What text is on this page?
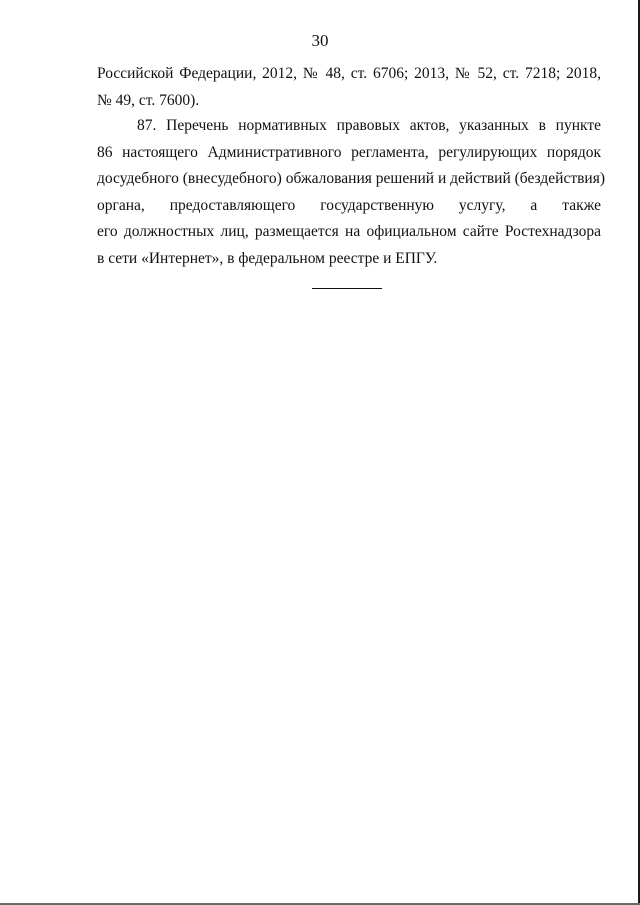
30
Российской Федерации, 2012, № 48, ст. 6706; 2013, № 52, ст. 7218; 2018,
№ 49, ст. 7600).
87. Перечень нормативных правовых актов, указанных в пункте
86 настоящего Административного регламента, регулирующих порядок
досудебного (внесудебного) обжалования решений и действий (бездействия)
органа, предоставляющего государственную услугу, а также
его должностных лиц, размещается на официальном сайте Ростехнадзора
в сети «Интернет», в федеральном реестре и ЕПГУ.
